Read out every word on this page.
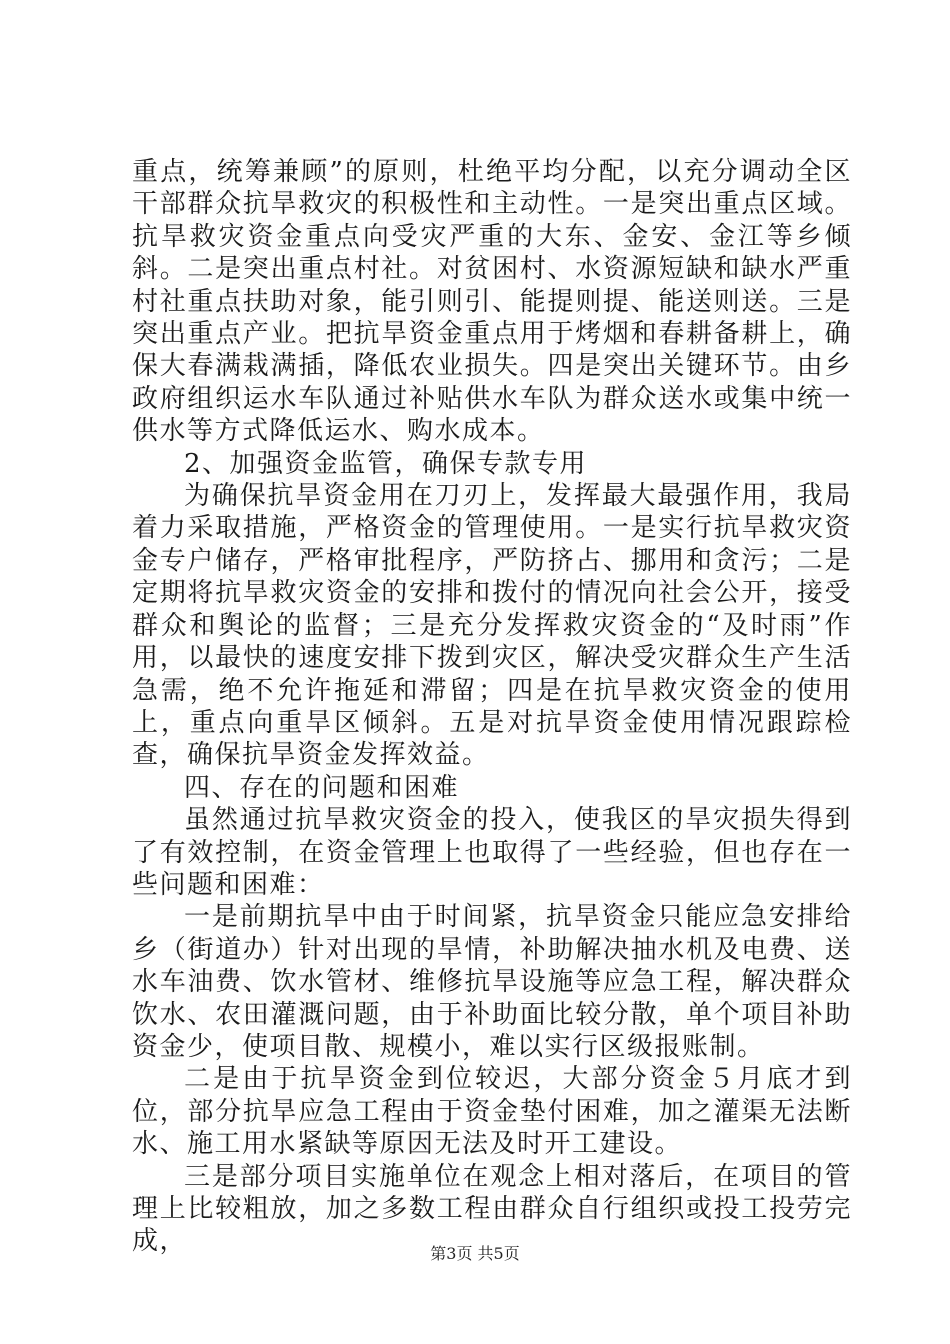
重点，统筹兼顾”的原则，杜绝平均分配，以充分调动全区干部群众抗旱救灾的积极性和主动性。一是突出重点区域。抗旱救灾资金重点向受灾严重的大东、金安、金江等乡倾斜。二是突出重点村社。对贫困村、水资源短缺和缺水严重村社重点扶助对象，能引则引、能提则提、能送则送。三是突出重点产业。把抗旱资金重点用于烤烟和春耕备耕上，确保大春满栽满插，降低农业损失。四是突出关键环节。由乡政府组织运水车队通过补贴供水车队为群众送水或集中统一供水等方式降低运水、购水成本。

2、加强资金监管，确保专款专用

为确保抗旱资金用在刀刃上，发挥最大最强作用，我局着力采取措施，严格资金的管理使用。一是实行抗旱救灾资金专户储存，严格审批程序，严防挤占、挪用和贪污；二是定期将抗旱救灾资金的安排和拨付的情况向社会公开，接受群众和舆论的监督；三是充分发挥救灾资金的“及时雨”作用，以最快的速度安排下拨到灾区，解决受灾群众生产生活急需，绝不允许拖延和滞留；四是在抗旱救灾资金的使用上，重点向重旱区倾斜。五是对抗旱资金使用情况跟踪检查，确保抗旱资金发挥效益。

四、存在的问题和困难

虽然通过抗旱救灾资金的投入，使我区的旱灾损失得到了有效控制，在资金管理上也取得了一些经验，但也存在一些问题和困难：

一是前期抗旱中由于时间紧，抗旱资金只能应急安排给乡（街道办）针对出现的旱情，补助解决抽水机及电费、送水车油费、饮水管材、维修抗旱设施等应急工程，解决群众饮水、农田灌溉问题，由于补助面比较分散，单个项目补助资金少，使项目散、规模小，难以实行区级报账制。

二是由于抗旱资金到位较迟，大部分资金５月底才到位，部分抗旱应急工程由于资金垫付困难，加之灌渠无法断水、施工用水紧缺等原因无法及时开工建设。

三是部分项目实施单位在观念上相对落后，在项目的管理上比较粗放，加之多数工程由群众自行组织或投工投劳完成，	第3页 共5页
